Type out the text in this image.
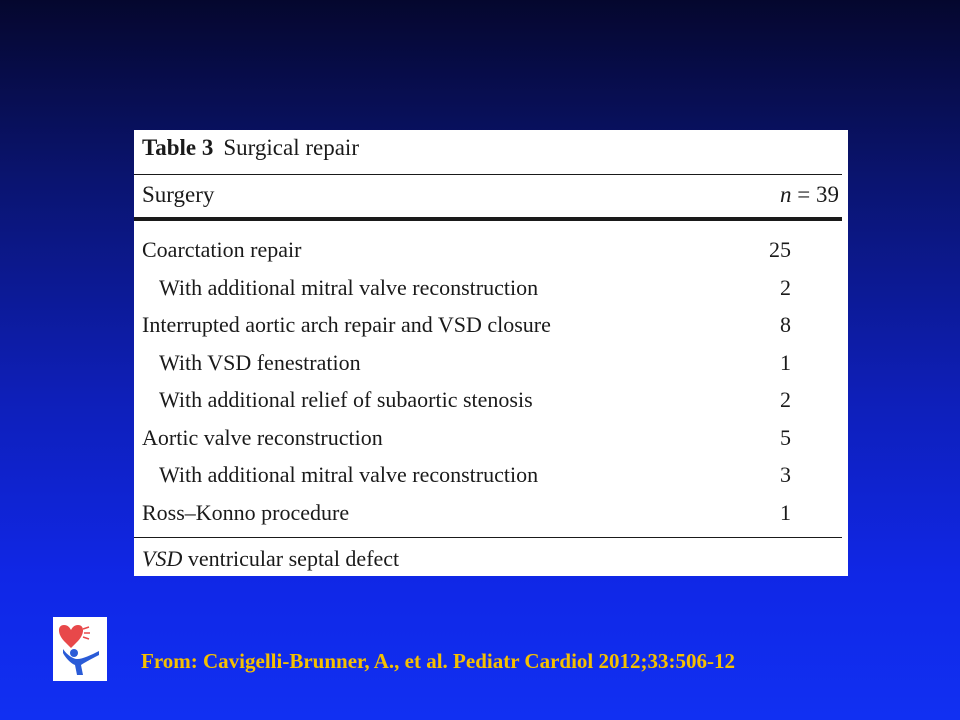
Table 3 Surgical repair
Surgery	n = 39
Coarctation repair	25
With additional mitral valve reconstruction	2
Interrupted aortic arch repair and VSD closure	8
With VSD fenestration	1
With additional relief of subaortic stenosis	2
Aortic valve reconstruction	5
With additional mitral valve reconstruction	3
Ross–Konno procedure	1
VSD ventricular septal defect
From: Cavigelli-Brunner, A., et al. Pediatr Cardiol 2012;33:506-12
